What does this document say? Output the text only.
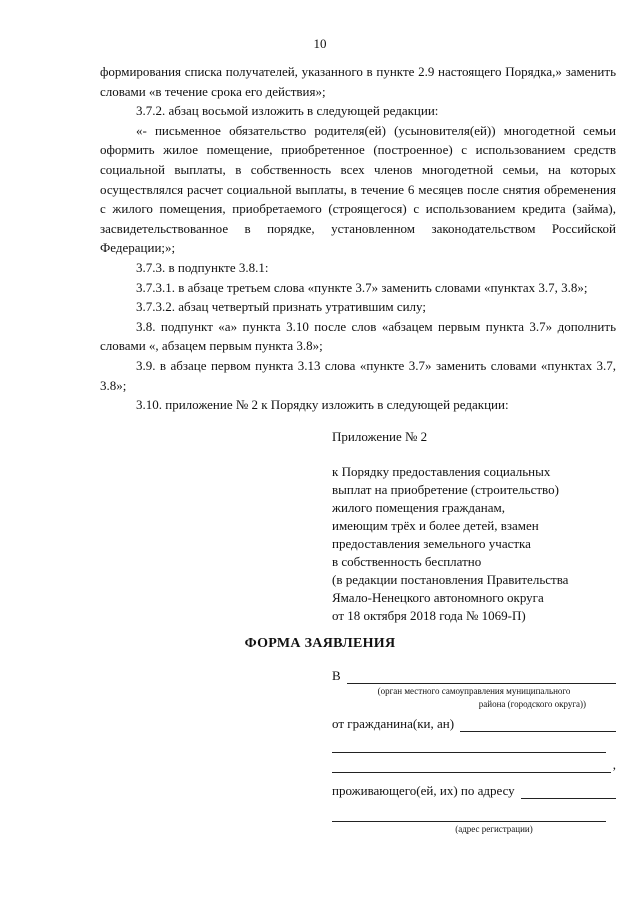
10

формирования списка получателей, указанного в пункте 2.9 настоящего Порядка,» заменить словами «в течение срока его действия»;

3.7.2. абзац восьмой изложить в следующей редакции:

«- письменное обязательство родителя(ей) (усыновителя(ей)) многодетной семьи оформить жилое помещение, приобретенное (построенное) с использованием средств социальной выплаты, в собственность всех членов многодетной семьи, на которых осуществлялся расчет социальной выплаты, в течение 6 месяцев после снятия обременения с жилого помещения, приобретаемого (строящегося) с использованием кредита (займа), засвидетельствованное в порядке, установленном законодательством Российской Федерации;»;

3.7.3. в подпункте 3.8.1:

3.7.3.1. в абзаце третьем слова «пункте 3.7» заменить словами «пунктах 3.7, 3.8»;

3.7.3.2. абзац четвертый признать утратившим силу;

3.8. подпункт «а» пункта 3.10 после слов «абзацем первым пункта 3.7» дополнить словами «, абзацем первым пункта 3.8»;

3.9. в абзаце первом пункта 3.13 слова «пункте 3.7» заменить словами «пунктах 3.7, 3.8»;

3.10. приложение № 2 к Порядку изложить в следующей редакции:

Приложение № 2

к Порядку предоставления социальных

выплат на приобретение (строительство)

жилого помещения гражданам,

имеющим трёх и более детей, взамен

предоставления земельного участка

в собственность бесплатно

(в редакции постановления Правительства

Ямало-Ненецкого автономного округа

от 18 октября 2018 года № 1069-П)

ФОРМА ЗАЯВЛЕНИЯ
В
(орган местного самоуправления муниципального
района (городского округа))
от гражданина(ки, ан)
,
проживающего(ей, их) по адресу
(адрес регистрации)
